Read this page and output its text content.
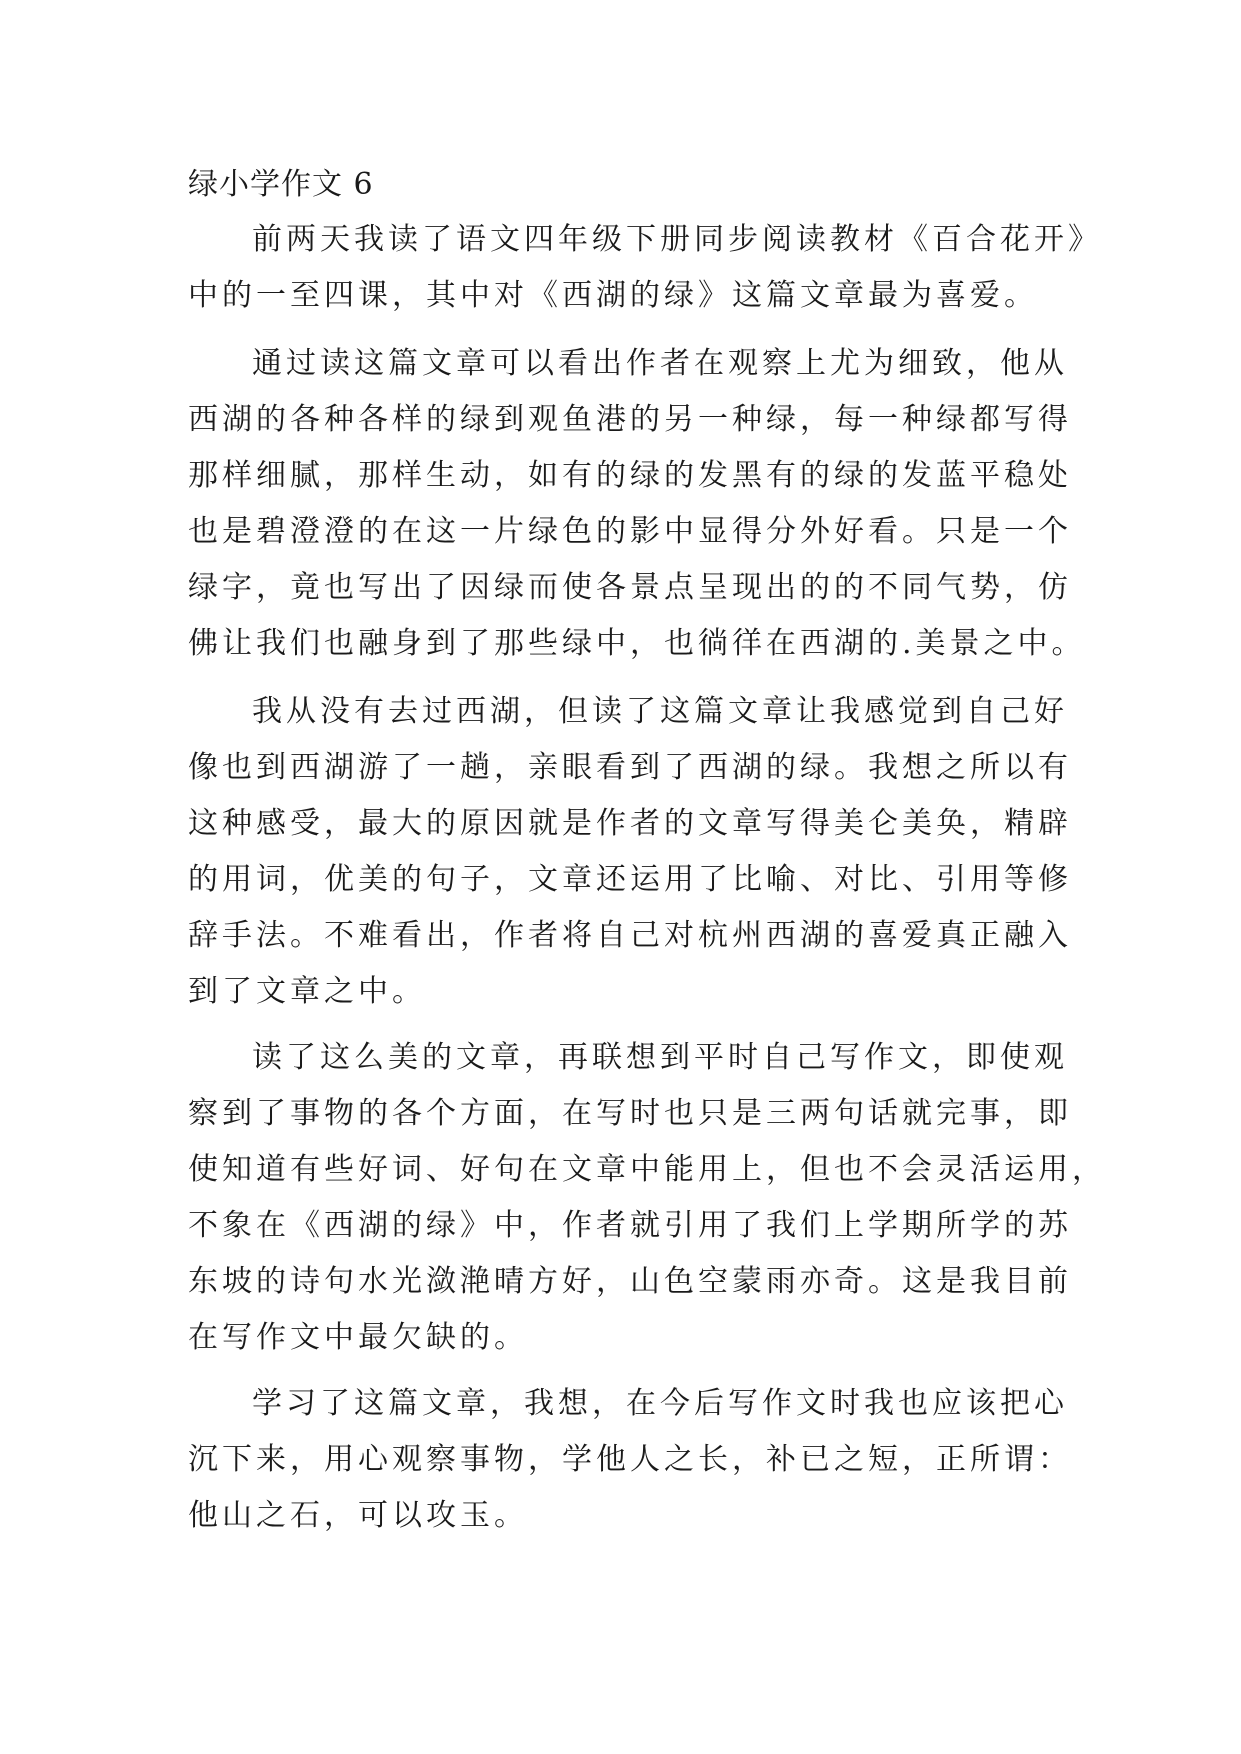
绿小学作文 6
前两天我读了语文四年级下册同步阅读教材《百合花开》
中的一至四课，其中对《西湖的绿》这篇文章最为喜爱。
通过读这篇文章可以看出作者在观察上尤为细致，他从
西湖的各种各样的绿到观鱼港的另一种绿，每一种绿都写得
那样细腻，那样生动，如有的绿的发黑有的绿的发蓝平稳处
也是碧澄澄的在这一片绿色的影中显得分外好看。只是一个
绿字，竟也写出了因绿而使各景点呈现出的的不同气势，仿
佛让我们也融身到了那些绿中，也徜徉在西湖的.美景之中。
我从没有去过西湖，但读了这篇文章让我感觉到自己好
像也到西湖游了一趟，亲眼看到了西湖的绿。我想之所以有
这种感受，最大的原因就是作者的文章写得美仑美奂，精辟
的用词，优美的句子，文章还运用了比喻、对比、引用等修
辞手法。不难看出，作者将自己对杭州西湖的喜爱真正融入
到了文章之中。
读了这么美的文章，再联想到平时自己写作文，即使观
察到了事物的各个方面，在写时也只是三两句话就完事，即
使知道有些好词、好句在文章中能用上，但也不会灵活运用，
不象在《西湖的绿》中，作者就引用了我们上学期所学的苏
东坡的诗句水光潋滟晴方好，山色空蒙雨亦奇。这是我目前
在写作文中最欠缺的。
学习了这篇文章，我想，在今后写作文时我也应该把心
沉下来，用心观察事物，学他人之长，补已之短，正所谓：
他山之石，可以攻玉。
